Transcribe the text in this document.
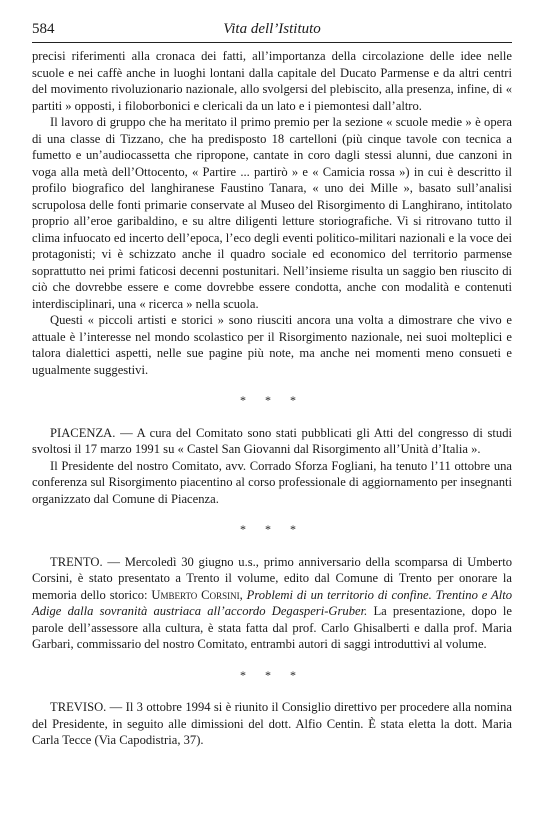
584	Vita dell’Istituto

precisi riferimenti alla cronaca dei fatti, all’importanza della circolazione delle idee nelle scuole e nei caffè anche in luoghi lontani dalla capitale del Ducato Parmense e da altri centri del movimento rivoluzionario nazionale, allo svolgersi del plebiscito, alla presenza, infine, di « partiti » opposti, i filoborbonici e clericali da un lato e i piemontesi dall’altro.

Il lavoro di gruppo che ha meritato il primo premio per la sezione « scuole medie » è opera di una classe di Tizzano, che ha predisposto 18 cartelloni (più cinque tavole con tecnica a fumetto e un’audiocassetta che ripropone, cantate in coro dagli stessi alunni, due canzoni in voga alla metà dell’Ottocento, « Partire ... partirò » e « Camicia rossa ») in cui è descritto il profilo biografico del langhiranese Faustino Tanara, « uno dei Mille », basato sull’analisi scrupolosa delle fonti primarie conservate al Museo del Risorgimento di Langhirano, intitolato proprio all’eroe garibaldino, e su altre diligenti letture storiografiche. Vi si ritrovano tutto il clima infuocato ed incerto dell’epoca, l’eco degli eventi politico-militari nazionali e la voce dei protagonisti; vi è schizzato anche il quadro sociale ed economico del territorio parmense soprattutto nei primi faticosi decenni postunitari. Nell’insieme risulta un saggio ben riuscito di ciò che dovrebbe essere e come dovrebbe essere condotta, anche con modalità e contenuti interdisciplinari, una « ricerca » nella scuola.

Questi « piccoli artisti e storici » sono riusciti ancora una volta a dimostrare che vivo e attuale è l’interesse nel mondo scolastico per il Risorgimento nazionale, nei suoi molteplici e talora dialettici aspetti, nelle sue pagine più note, ma anche nei momenti meno consueti e ugualmente suggestivi.

* * *

PIACENZA. — A cura del Comitato sono stati pubblicati gli Atti del congresso di studi svoltosi il 17 marzo 1991 su « Castel San Giovanni dal Risorgimento all’Unità d’Italia ».

Il Presidente del nostro Comitato, avv. Corrado Sforza Fogliani, ha tenuto l’11 ottobre una conferenza sul Risorgimento piacentino al corso professionale di aggiornamento per insegnanti organizzato dal Comune di Piacenza.

* * *

TRENTO. — Mercoledì 30 giugno u.s., primo anniversario della scomparsa di Umberto Corsini, è stato presentato a Trento il volume, edito dal Comune di Trento per onorare la memoria dello storico: Umberto Corsini, Problemi di un territorio di confine. Trentino e Alto Adige dalla sovranità austriaca all’accordo Degasperi-Gruber. La presentazione, dopo le parole dell’assessore alla cultura, è stata fatta dal prof. Carlo Ghisalberti e dalla prof. Maria Garbari, commissario del nostro Comitato, entrambi autori di saggi introduttivi al volume.

* * *

TREVISO. — Il 3 ottobre 1994 si è riunito il Consiglio direttivo per procedere alla nomina del Presidente, in seguito alle dimissioni del dott. Alfio Centin. È stata eletta la dott. Maria Carla Tecce (Via Capodistria, 37).
